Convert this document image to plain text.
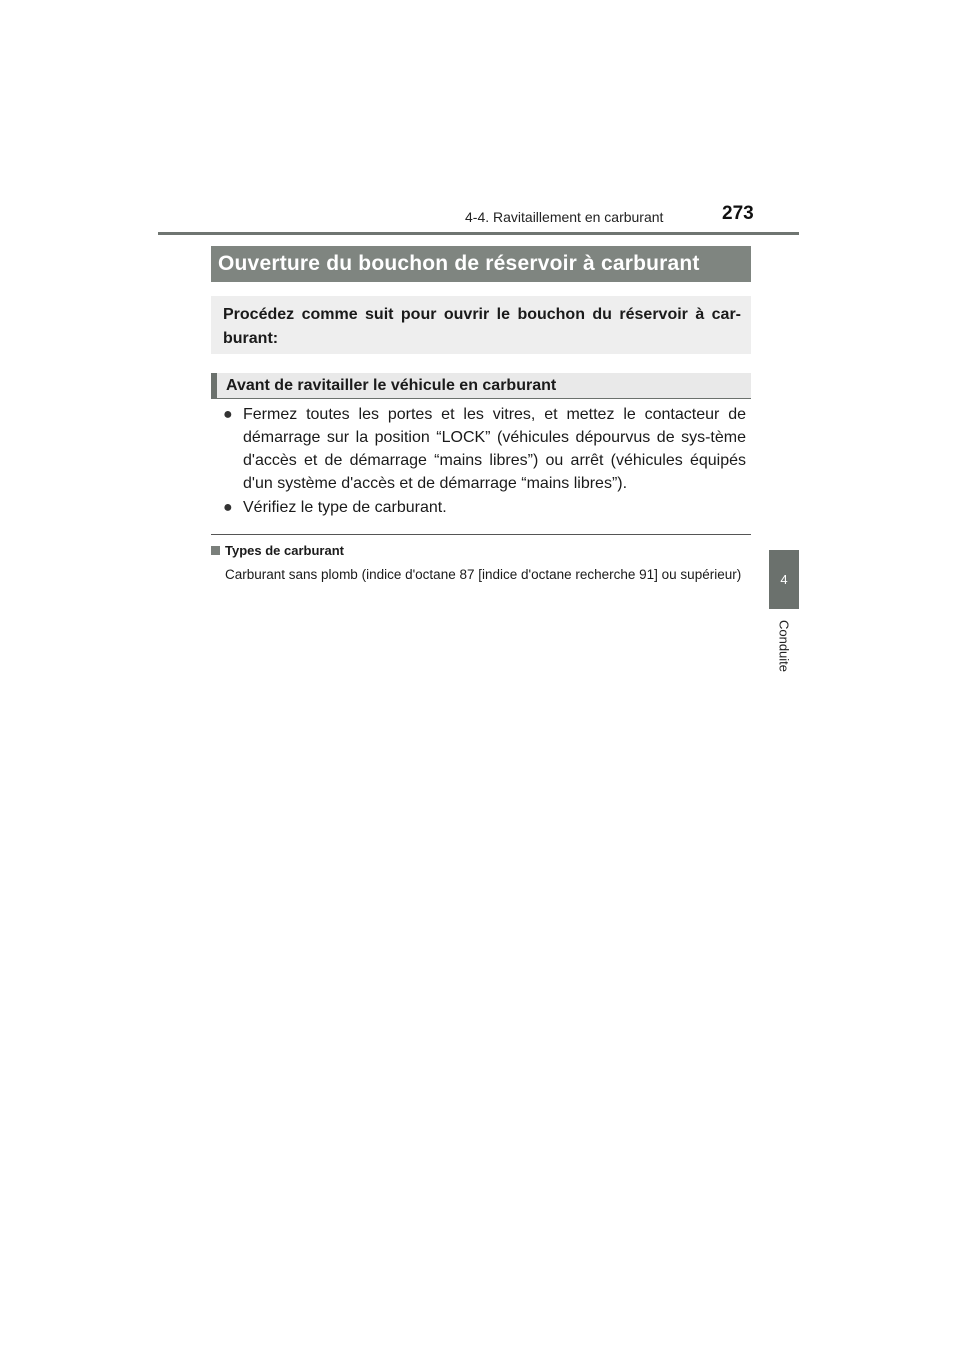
4-4. Ravitaillement en carburant	273
4
Conduite
Ouverture du bouchon de réservoir à carburant
Procédez comme suit pour ouvrir le bouchon du réservoir à car-burant:
Avant de ravitailler le véhicule en carburant
● Fermez toutes les portes et les vitres, et mettez le contacteur de démarrage sur la position “LOCK” (véhicules dépourvus de sys-tème d'accès et de démarrage “mains libres”) ou arrêt (véhicules équipés d'un système d'accès et de démarrage “mains libres”).
● Vérifiez le type de carburant.
Types de carburant
Carburant sans plomb (indice d'octane 87 [indice d'octane recherche 91] ou supérieur)
